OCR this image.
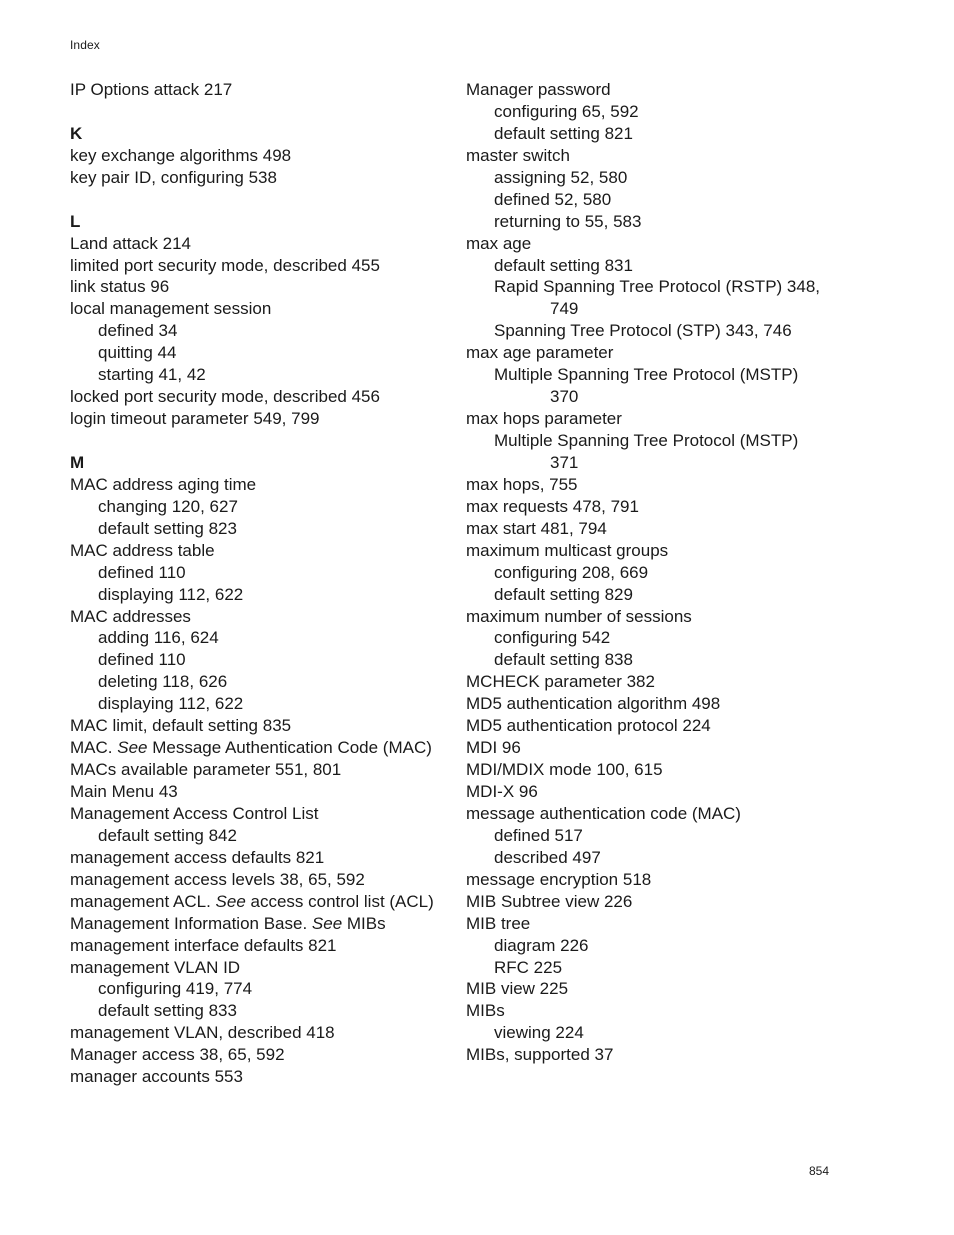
Index
IP Options attack 217
K
key exchange algorithms 498
key pair ID, configuring 538
L
Land attack 214
limited port security mode, described 455
link status 96
local management session
defined 34
quitting 44
starting 41, 42
locked port security mode, described 456
login timeout parameter 549, 799
M
MAC address aging time
changing 120, 627
default setting 823
MAC address table
defined 110
displaying 112, 622
MAC addresses
adding 116, 624
defined 110
deleting 118, 626
displaying 112, 622
MAC limit, default setting 835
MAC. See Message Authentication Code (MAC)
MACs available parameter 551, 801
Main Menu 43
Management Access Control List
default setting 842
management access defaults 821
management access levels 38, 65, 592
management ACL. See access control list (ACL)
Management Information Base. See MIBs
management interface defaults 821
management VLAN ID
configuring 419, 774
default setting 833
management VLAN, described 418
Manager access 38, 65, 592
manager accounts 553
Manager password
configuring 65, 592
default setting 821
master switch
assigning 52, 580
defined 52, 580
returning to 55, 583
max age
default setting 831
Rapid Spanning Tree Protocol (RSTP) 348,
749
Spanning Tree Protocol (STP) 343, 746
max age parameter
Multiple Spanning Tree Protocol (MSTP)
370
max hops parameter
Multiple Spanning Tree Protocol (MSTP)
371
max hops, 755
max requests 478, 791
max start 481, 794
maximum multicast groups
configuring 208, 669
default setting 829
maximum number of sessions
configuring 542
default setting 838
MCHECK parameter 382
MD5 authentication algorithm 498
MD5 authentication protocol 224
MDI 96
MDI/MDIX mode 100, 615
MDI-X 96
message authentication code (MAC)
defined 517
described 497
message encryption 518
MIB Subtree view 226
MIB tree
diagram 226
RFC 225
MIB view 225
MIBs
viewing 224
MIBs, supported 37
854
